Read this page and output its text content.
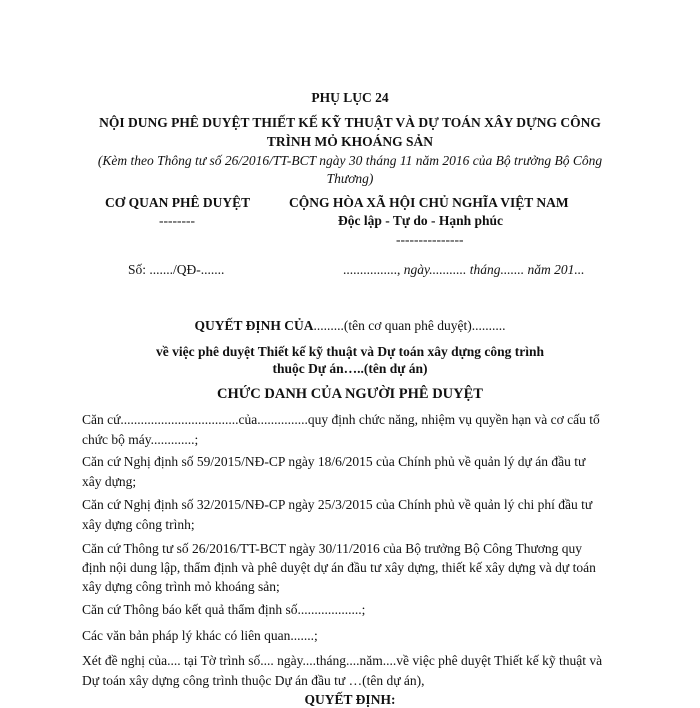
PHỤ LỤC 24
NỘI DUNG PHÊ DUYỆT THIẾT KẾ KỸ THUẬT VÀ DỰ TOÁN XÂY DỰNG CÔNG
TRÌNH MỎ KHOÁNG SẢN
(Kèm theo Thông tư số 26/2016/TT-BCT ngày 30 tháng 11 năm 2016 của Bộ trưởng Bộ Công
Thương)
CƠ QUAN PHÊ DUYỆT
--------
Số: ......./QĐ-.......
CỘNG HÒA XÃ HỘI CHỦ NGHĨA VIỆT NAM
Độc lập - Tự do - Hạnh phúc
---------------
................, ngày........... tháng....... năm 201...
QUYẾT ĐỊNH CỦA.........(tên cơ quan phê duyệt)..........
về việc phê duyệt Thiết kế kỹ thuật và Dự toán xây dựng công trình
thuộc Dự án…..(tên dự án)
CHỨC DANH CỦA NGƯỜI PHÊ DUYỆT
Căn cứ...................................của...............quy định chức năng, nhiệm vụ quyền hạn và cơ cấu tổ
chức bộ máy.............;
Căn cứ Nghị định số 59/2015/NĐ-CP ngày 18/6/2015 của Chính phủ về quản lý dự án đầu tư
xây dựng;
Căn cứ Nghị định số 32/2015/NĐ-CP ngày 25/3/2015 của Chính phủ về quản lý chi phí đầu tư
xây dựng công trình;
Căn cứ Thông tư số 26/2016/TT-BCT ngày 30/11/2016 của Bộ trưởng Bộ Công Thương quy
định nội dung lập, thẩm định và phê duyệt dự án đầu tư xây dựng, thiết kế xây dựng và dự toán
xây dựng công trình mỏ khoáng sản;
Căn cứ Thông báo kết quả thẩm định số...................;
Các văn bản pháp lý khác có liên quan.......;
Xét đề nghị của.... tại Tờ trình số.... ngày....tháng....năm....về việc phê duyệt Thiết kế kỹ thuật và
Dự toán xây dựng công trình thuộc Dự án đầu tư …(tên dự án),
QUYẾT ĐỊNH:
